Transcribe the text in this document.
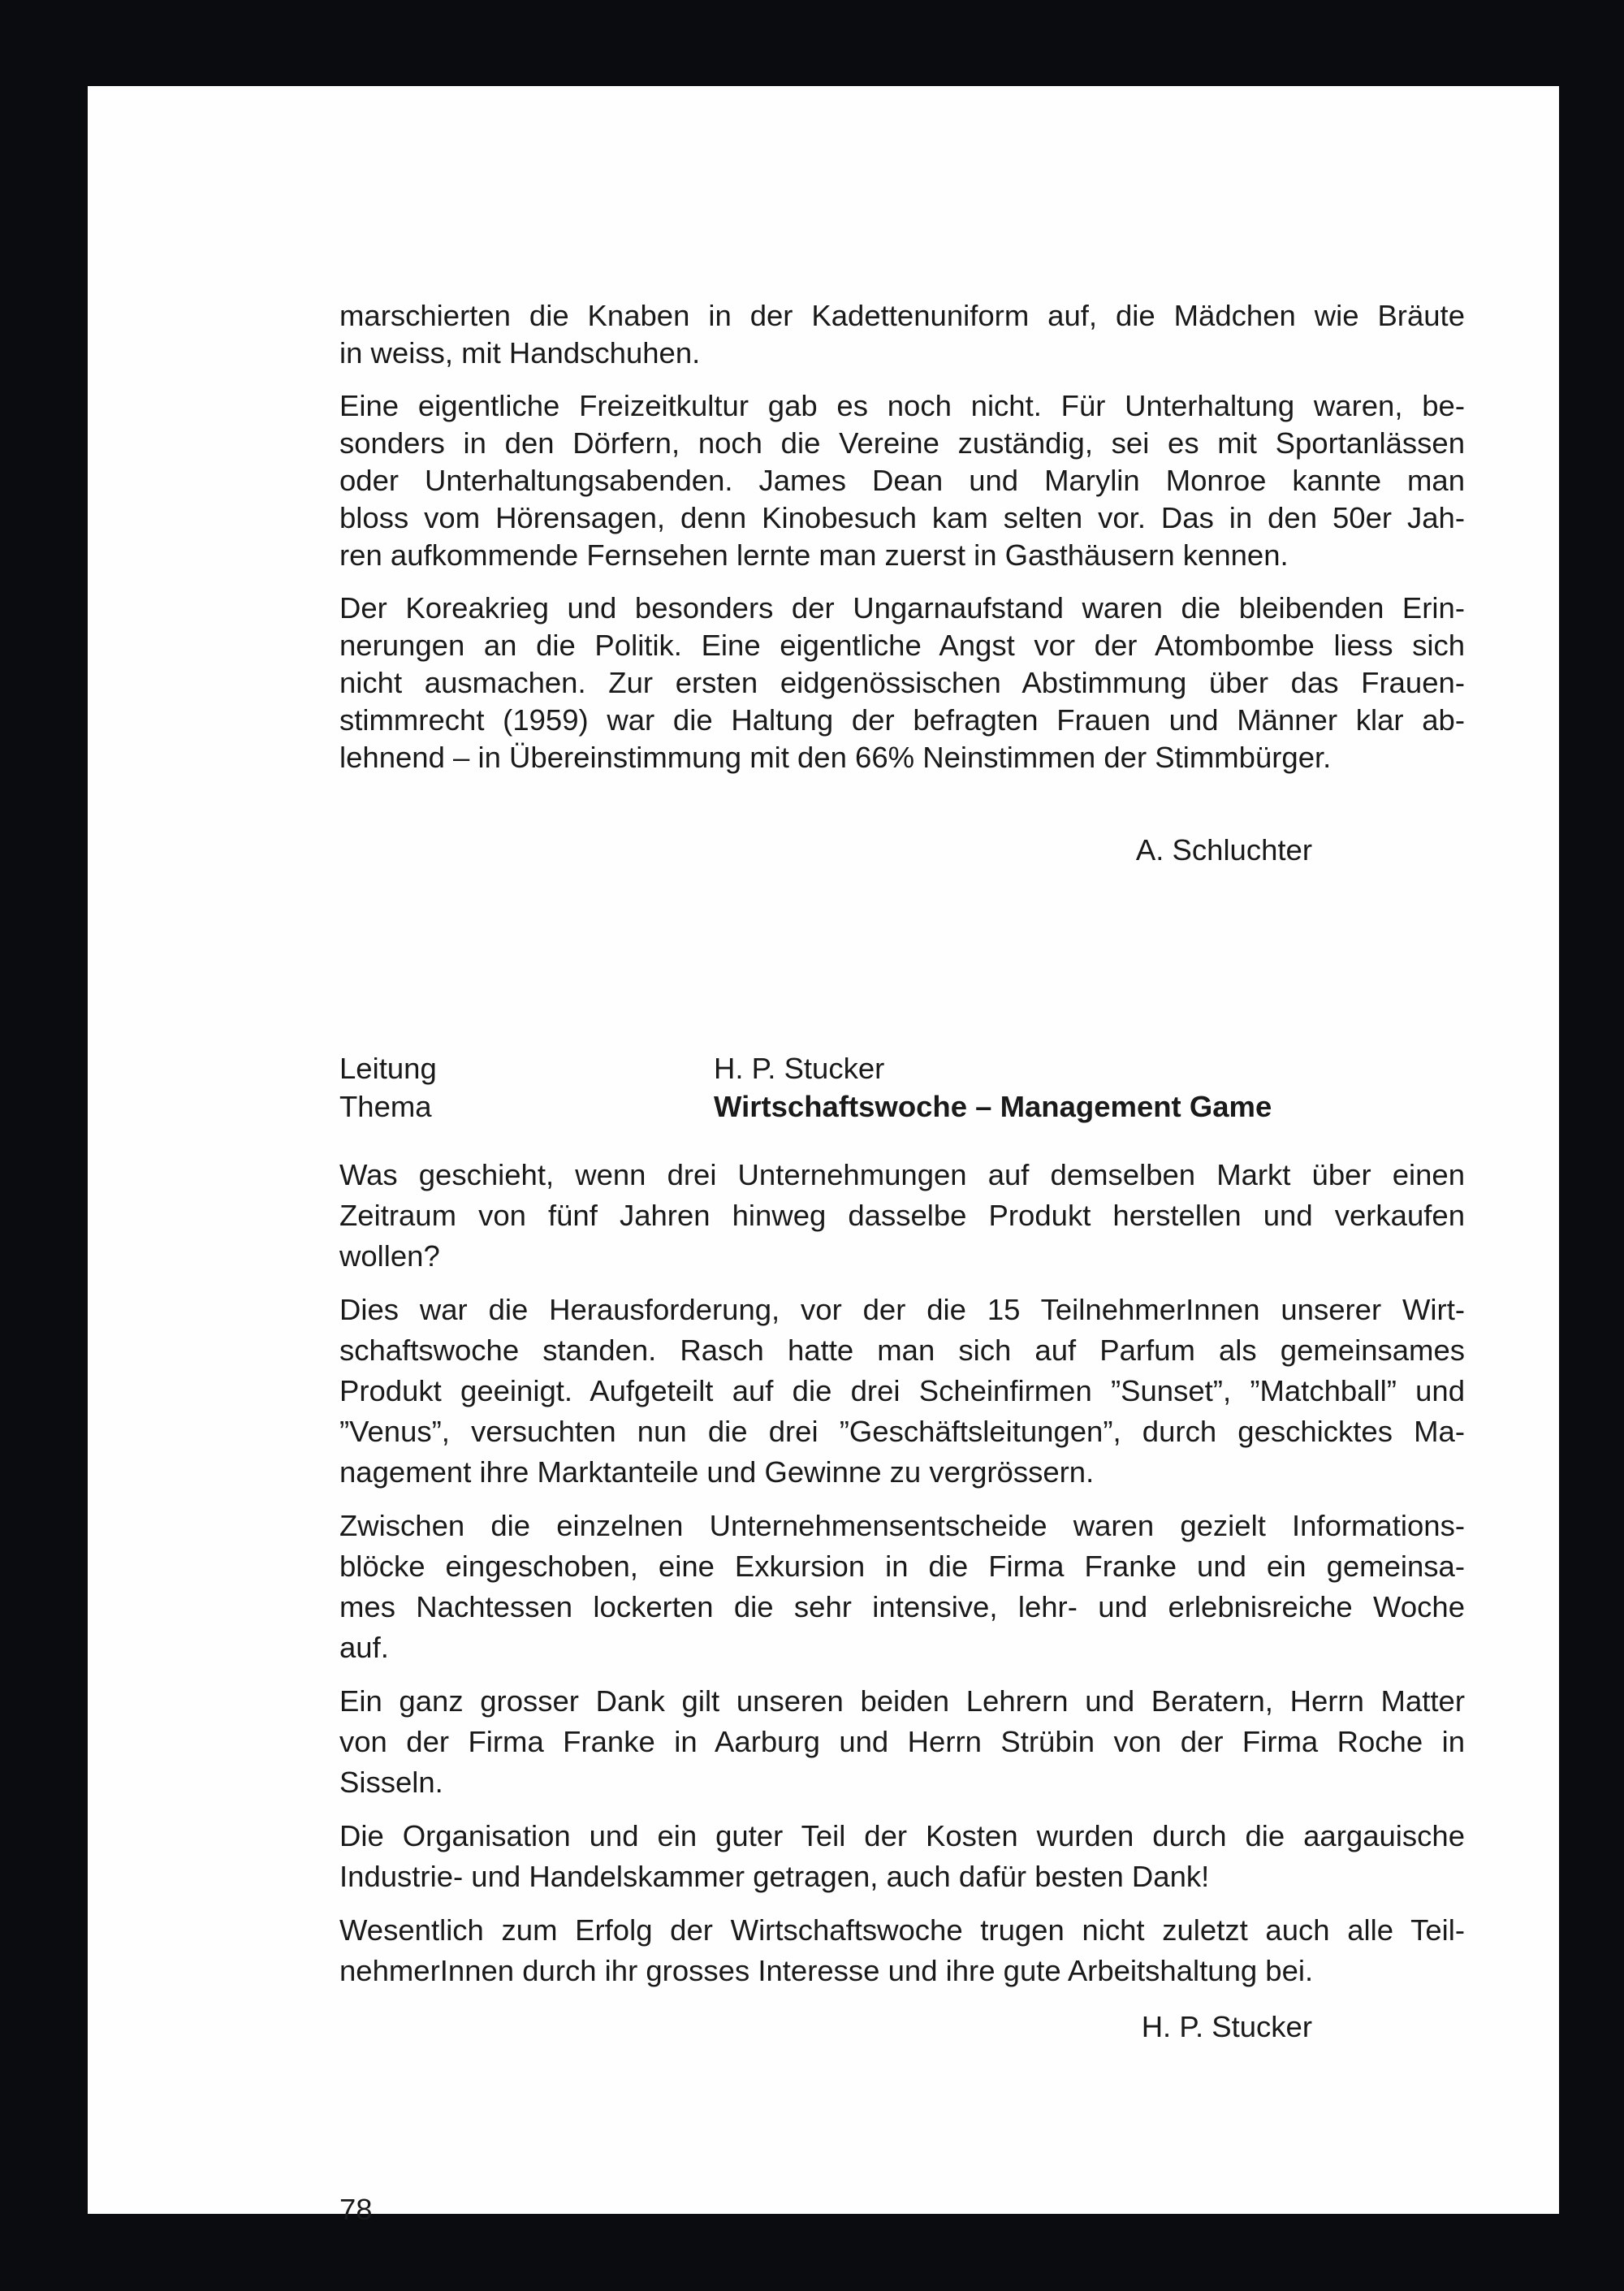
marschierten die Knaben in der Kadettenuniform auf, die Mädchen wie Bräute
in weiss, mit Handschuhen.
Eine eigentliche Freizeitkultur gab es noch nicht. Für Unterhaltung waren, be-
sonders in den Dörfern, noch die Vereine zuständig, sei es mit Sportanlässen
oder Unterhaltungsabenden. James Dean und Marylin Monroe kannte man
bloss vom Hörensagen, denn Kinobesuch kam selten vor. Das in den 50er Jah-
ren aufkommende Fernsehen lernte man zuerst in Gasthäusern kennen.
Der Koreakrieg und besonders der Ungarnaufstand waren die bleibenden Erin-
nerungen an die Politik. Eine eigentliche Angst vor der Atombombe liess sich
nicht ausmachen. Zur ersten eidgenössischen Abstimmung über das Frauen-
stimmrecht (1959) war die Haltung der befragten Frauen und Männer klar ab-
lehnend – in Übereinstimmung mit den 66% Neinstimmen der Stimmbürger.
A. Schluchter
Leitung	H. P. Stucker
Thema	Wirtschaftswoche – Management Game
Was geschieht, wenn drei Unternehmungen auf demselben Markt über einen
Zeitraum von fünf Jahren hinweg dasselbe Produkt herstellen und verkaufen
wollen?
Dies war die Herausforderung, vor der die 15 TeilnehmerInnen unserer Wirt-
schaftswoche standen. Rasch hatte man sich auf Parfum als gemeinsames
Produkt geeinigt. Aufgeteilt auf die drei Scheinfirmen ”Sunset”, ”Matchball” und
”Venus”, versuchten nun die drei ”Geschäftsleitungen”, durch geschicktes Ma-
nagement ihre Marktanteile und Gewinne zu vergrössern.
Zwischen die einzelnen Unternehmensentscheide waren gezielt Informations-
blöcke eingeschoben, eine Exkursion in die Firma Franke und ein gemeinsa-
mes Nachtessen lockerten die sehr intensive, lehr- und erlebnisreiche Woche
auf.
Ein ganz grosser Dank gilt unseren beiden Lehrern und Beratern, Herrn Matter
von der Firma Franke in Aarburg und Herrn Strübin von der Firma Roche in
Sisseln.
Die Organisation und ein guter Teil der Kosten wurden durch die aargauische
Industrie- und Handelskammer getragen, auch dafür besten Dank!
Wesentlich zum Erfolg der Wirtschaftswoche trugen nicht zuletzt auch alle Teil-
nehmerInnen durch ihr grosses Interesse und ihre gute Arbeitshaltung bei.
H. P. Stucker
78
